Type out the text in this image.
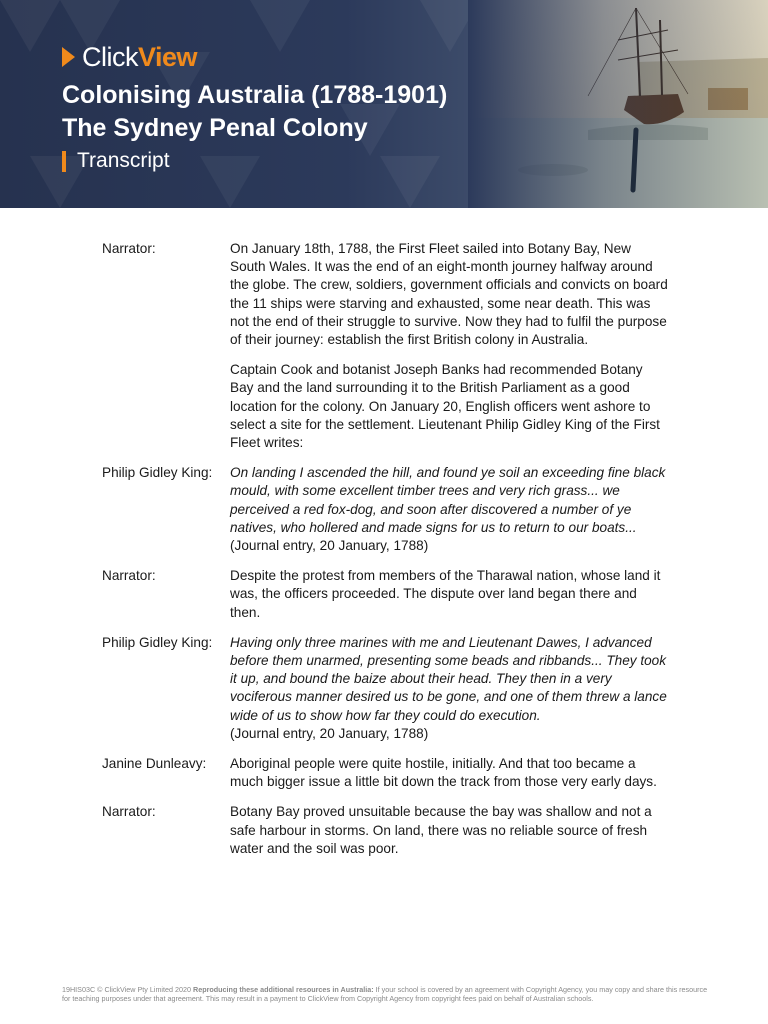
Click View
Colonising Australia (1788-1901)
The Sydney Penal Colony
Transcript
Narrator:	On January 18th, 1788, the First Fleet sailed into Botany Bay, New South Wales. It was the end of an eight-month journey halfway around the globe. The crew, soldiers, government officials and convicts on board the 11 ships were starving and exhausted, some near death. This was not the end of their struggle to survive. Now they had to fulfil the purpose of their journey: establish the first British colony in Australia.

Captain Cook and botanist Joseph Banks had recommended Botany Bay and the land surrounding it to the British Parliament as a good location for the colony. On January 20, English officers went ashore to select a site for the settlement. Lieutenant Philip Gidley King of the First Fleet writes:

Philip Gidley King:	On landing I ascended the hill, and found ye soil an exceeding fine black mould, with some excellent timber trees and very rich grass... we perceived a red fox-dog, and soon after discovered a number of ye natives, who hollered and made signs for us to return to our boats...

(Journal entry, 20 January, 1788)
Narrator:	Despite the protest from members of the Tharawal nation, whose land it was, the officers proceeded. The dispute over land began there and then.

Philip Gidley King:	Having only three marines with me and Lieutenant Dawes, I advanced before them unarmed, presenting some beads and ribbands... They took it up, and bound the baize about their head. They then in a very vociferous manner desired us to be gone, and one of them threw a lance wide of us to show how far they could do execution.

(Journal entry, 20 January, 1788)
Janine Dunleavy:	Aboriginal people were quite hostile, initially. And that too became a much bigger issue a little bit down the track from those very early days.

Narrator:	Botany Bay proved unsuitable because the bay was shallow and not a safe harbour in storms. On land, there was no reliable source of fresh water and the soil was poor.

19HIS03C © ClickView Pty Limited 2020 Reproducing these additional resources in Australia: If your school is covered by an agreement with Copyright Agency, you may copy and share this resource for teaching purposes under that agreement. This may result in a payment to ClickView from Copyright Agency from copyright fees paid on behalf of Australian schools.
